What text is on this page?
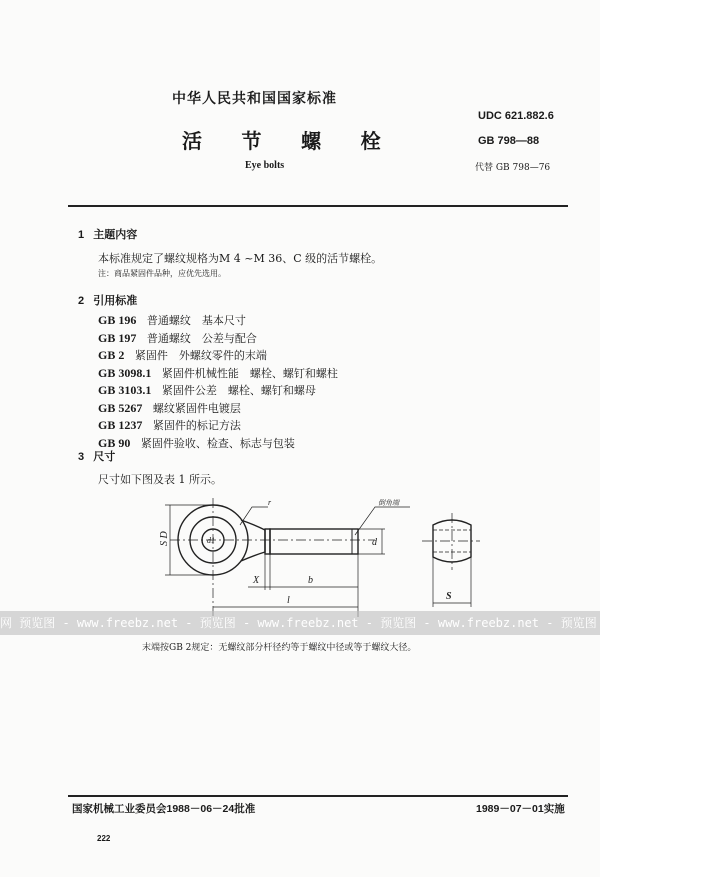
中华人民共和国国家标准
UDC 621.882.6
活 节 螺 栓	GB 798—88
Eye bolts	代替 GB 798—76
1 主题内容
本标准规定了螺纹规格为M 4 ~M 36、C 级的活节螺栓。
注：商品紧固件品种，应优先选用。
2 引用标准
GB 196 普通螺纹　基本尺寸
GB 197 普通螺纹　公差与配合
GB 2 紧固件　外螺纹零件的末端
GB 3098.1 紧固件机械性能　螺栓、螺钉和螺柱
GB 3103.1 紧固件公差　螺栓、螺钉和螺母
GB 5267 螺纹紧固件电镀层
GB 1237 紧固件的标记方法
GB 90 紧固件验收、检查、标志与包装
3 尺寸
尺寸如下图及表 1 所示。
S D	d1
r	倒角端
d
X	b
l	S
网 预览图 - www.freebz.net - 预览图 - www.freebz.net - 预览图 - www.freebz.net - 预览图 - www.freebz.net
末端按GB 2规定：无螺纹部分杆径约等于螺纹中径或等于螺纹大径。
国家机械工业委员会1988－06－24批准	1989－07－01实施
222
